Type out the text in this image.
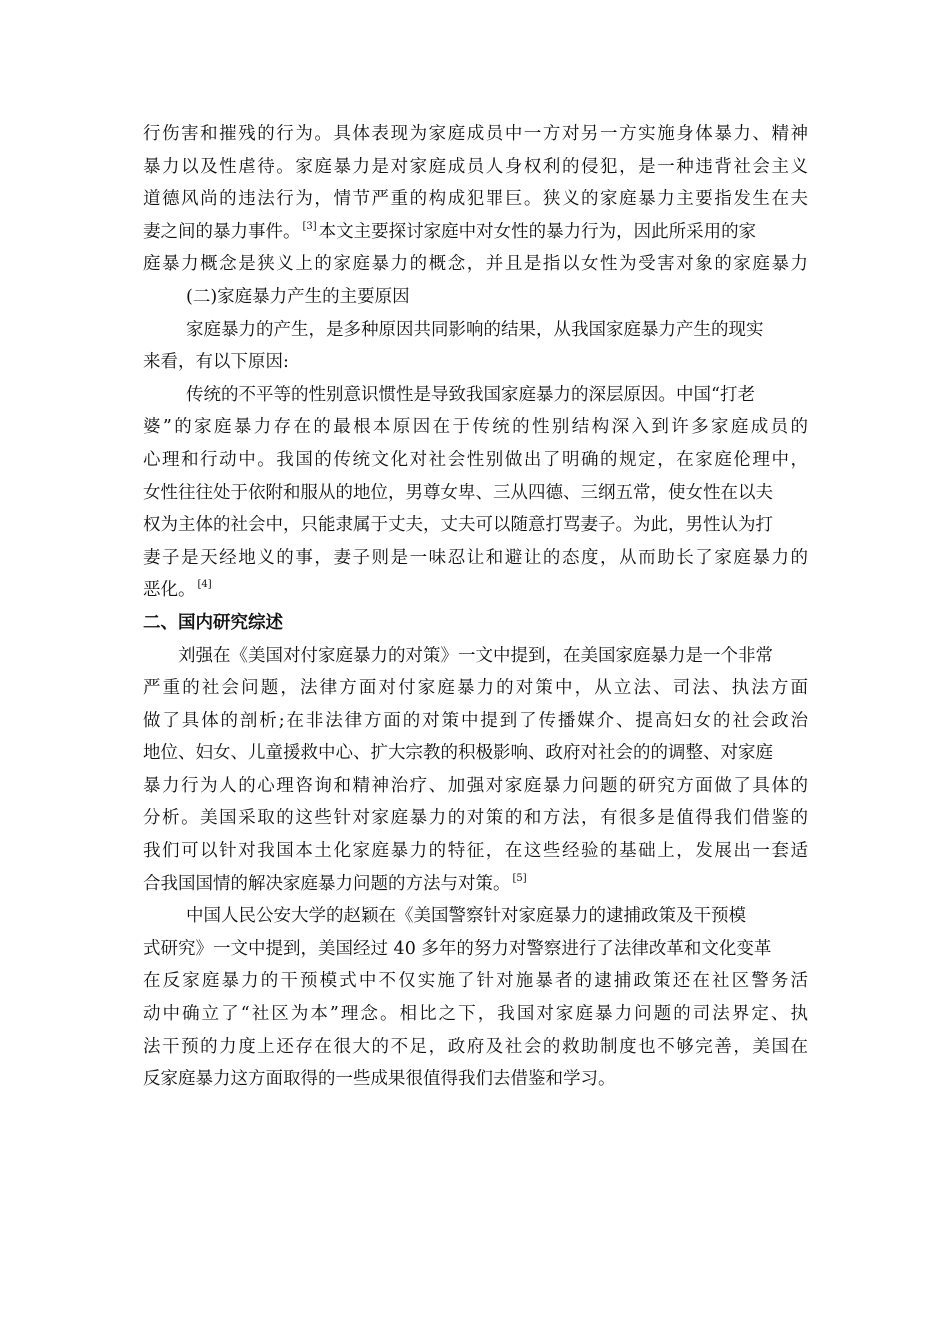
行伤害和摧残的行为。具体表现为家庭成员中一方对另一方实施身体暴力、精神
暴力以及性虐待。家庭暴力是对家庭成员人身权利的侵犯，是一种违背社会主义
道德风尚的违法行为，情节严重的构成犯罪巨。狭义的家庭暴力主要指发生在夫
妻之间的暴力事件。 [3] 本文主要探讨家庭中对女性的暴力行为，因此所采用的家
庭暴力概念是狭义上的家庭暴力的概念，并且是指以女性为受害对象的家庭暴力
(二)家庭暴力产生的主要原因
家庭暴力的产生，是多种原因共同影响的结果，从我国家庭暴力产生的现实
来看，有以下原因:
传统的不平等的性别意识惯性是导致我国家庭暴力的深层原因。中国“打老
婆”的家庭暴力存在的最根本原因在于传统的性别结构深入到许多家庭成员的
心理和行动中。我国的传统文化对社会性别做出了明确的规定，在家庭伦理中，
女性往往处于依附和服从的地位，男尊女卑、三从四德、三纲五常，使女性在以夫
权为主体的社会中，只能隶属于丈夫，丈夫可以随意打骂妻子。为此，男性认为打
妻子是天经地义的事，妻子则是一味忍让和避让的态度，从而助长了家庭暴力的
恶化。 [4]
二、国内研究综述
刘强在《美国对付家庭暴力的对策》一文中提到，在美国家庭暴力是一个非常
严重的社会问题，法律方面对付家庭暴力的对策中，从立法、司法、执法方面
做了具体的剖析;在非法律方面的对策中提到了传播媒介、提高妇女的社会政治
地位、妇女、儿童援救中心、扩大宗教的积极影响、政府对社会的的调整、对家庭
暴力行为人的心理咨询和精神治疗、加强对家庭暴力问题的研究方面做了具体的
分析。美国采取的这些针对家庭暴力的对策的和方法，有很多是值得我们借鉴的
我们可以针对我国本土化家庭暴力的特征，在这些经验的基础上，发展出一套适
合我国国情的解决家庭暴力问题的方法与对策。 [5]
中国人民公安大学的赵颖在《美国警察针对家庭暴力的逮捕政策及干预模
式研究》一文中提到，美国经过 40 多年的努力对警察进行了法律改革和文化变革
在反家庭暴力的干预模式中不仅实施了针对施暴者的逮捕政策还在社区警务活
动中确立了“社区为本”理念。相比之下，我国对家庭暴力问题的司法界定、执
法干预的力度上还存在很大的不足，政府及社会的救助制度也不够完善，美国在
反家庭暴力这方面取得的一些成果很值得我们去借鉴和学习。
